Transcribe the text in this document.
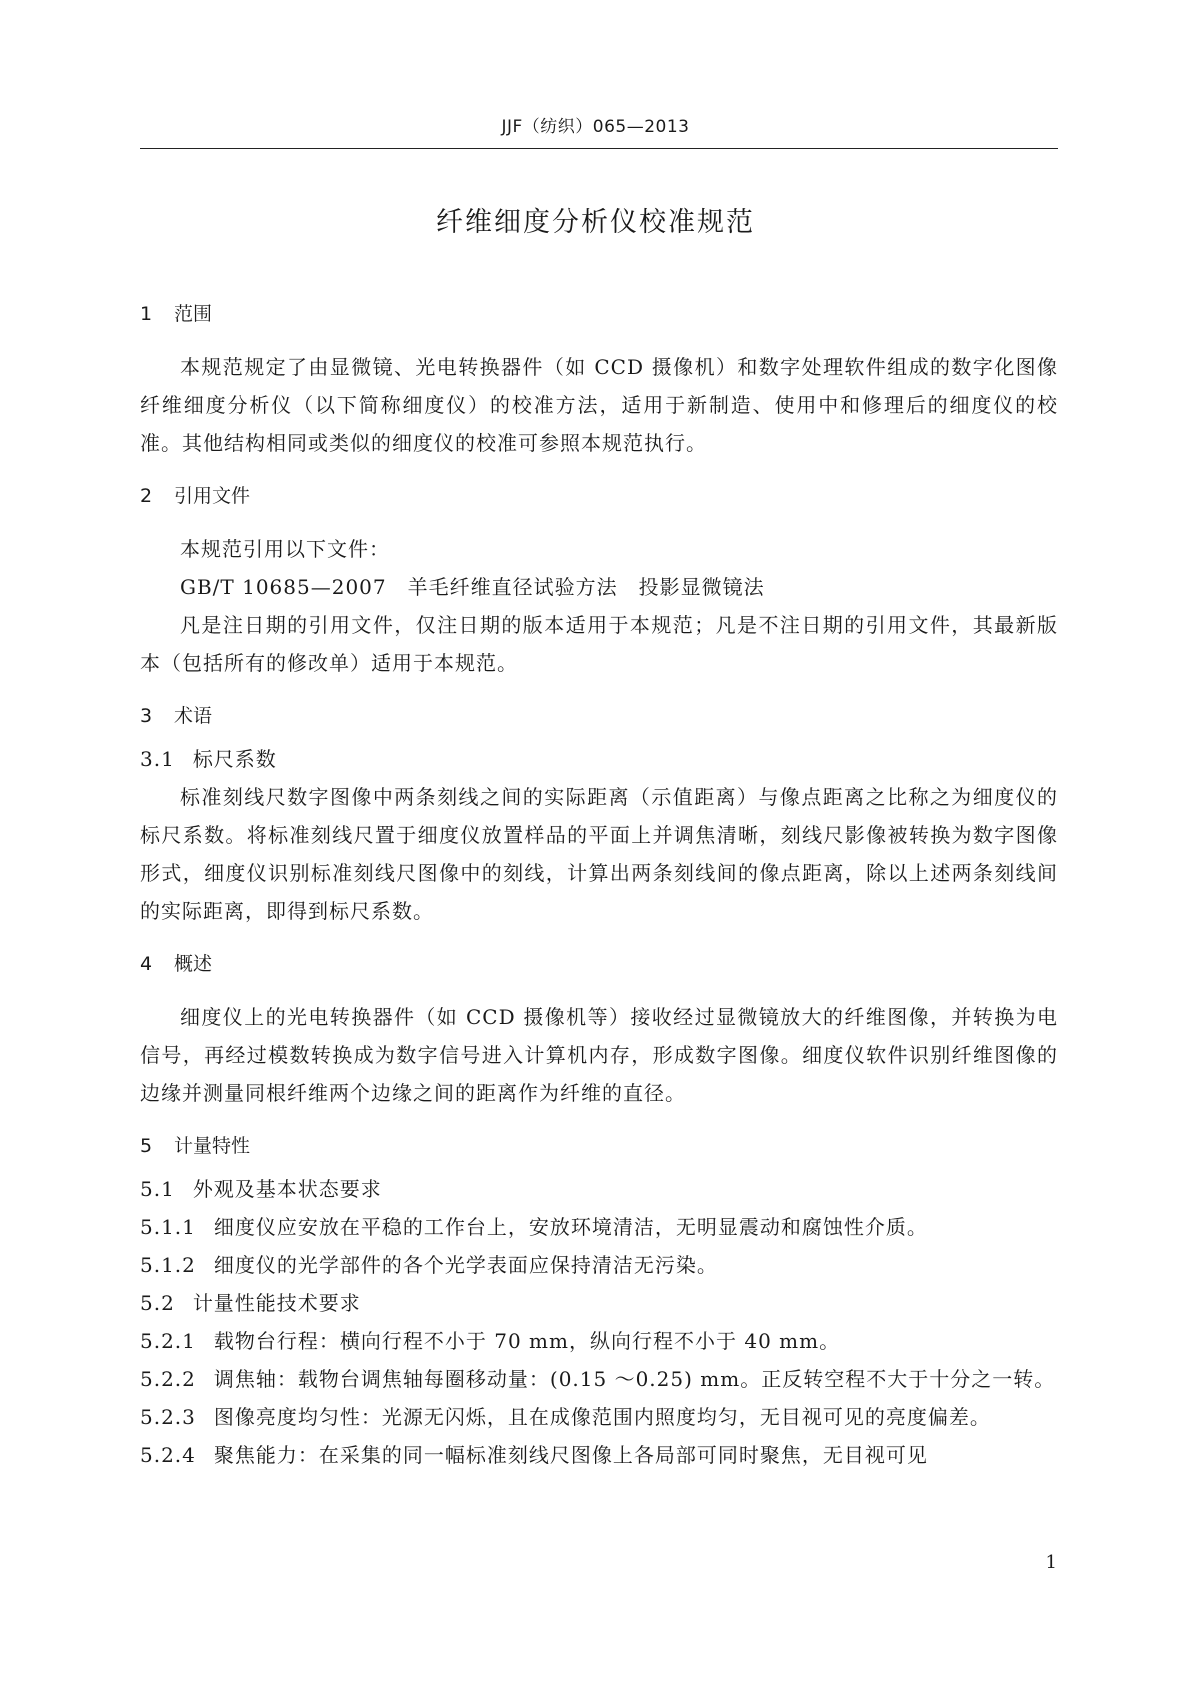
JJF（纺织）065—2013
纤维细度分析仪校准规范

1 范围

本规范规定了由显微镜、光电转换器件（如 CCD 摄像机）和数字处理软件组成的数字化图像纤维细度分析仪（以下简称细度仪）的校准方法，适用于新制造、使用中和修理后的细度仪的校准。其他结构相同或类似的细度仪的校准可参照本规范执行。

2 引用文件

本规范引用以下文件：

GB/T 10685—2007　羊毛纤维直径试验方法　投影显微镜法

凡是注日期的引用文件，仅注日期的版本适用于本规范；凡是不注日期的引用文件，其最新版本（包括所有的修改单）适用于本规范。

3 术语

3.1 标尺系数

标准刻线尺数字图像中两条刻线之间的实际距离（示值距离）与像点距离之比称之为细度仪的标尺系数。将标准刻线尺置于细度仪放置样品的平面上并调焦清晰，刻线尺影像被转换为数字图像形式，细度仪识别标准刻线尺图像中的刻线，计算出两条刻线间的像点距离，除以上述两条刻线间的实际距离，即得到标尺系数。

4 概述

细度仪上的光电转换器件（如 CCD 摄像机等）接收经过显微镜放大的纤维图像，并转换为电信号，再经过模数转换成为数字信号进入计算机内存，形成数字图像。细度仪软件识别纤维图像的边缘并测量同根纤维两个边缘之间的距离作为纤维的直径。

5 计量特性

5.1 外观及基本状态要求

5.1.1 细度仪应安放在平稳的工作台上，安放环境清洁，无明显震动和腐蚀性介质。

5.1.2 细度仪的光学部件的各个光学表面应保持清洁无污染。

5.2 计量性能技术要求

5.2.1 载物台行程：横向行程不小于 70 mm，纵向行程不小于 40 mm。

5.2.2 调焦轴：载物台调焦轴每圈移动量：(0.15 ～0.25) mm。正反转空程不大于十分之一转。

5.2.3 图像亮度均匀性：光源无闪烁，且在成像范围内照度均匀，无目视可见的亮度偏差。

5.2.4 聚焦能力：在采集的同一幅标准刻线尺图像上各局部可同时聚焦，无目视可见

1
